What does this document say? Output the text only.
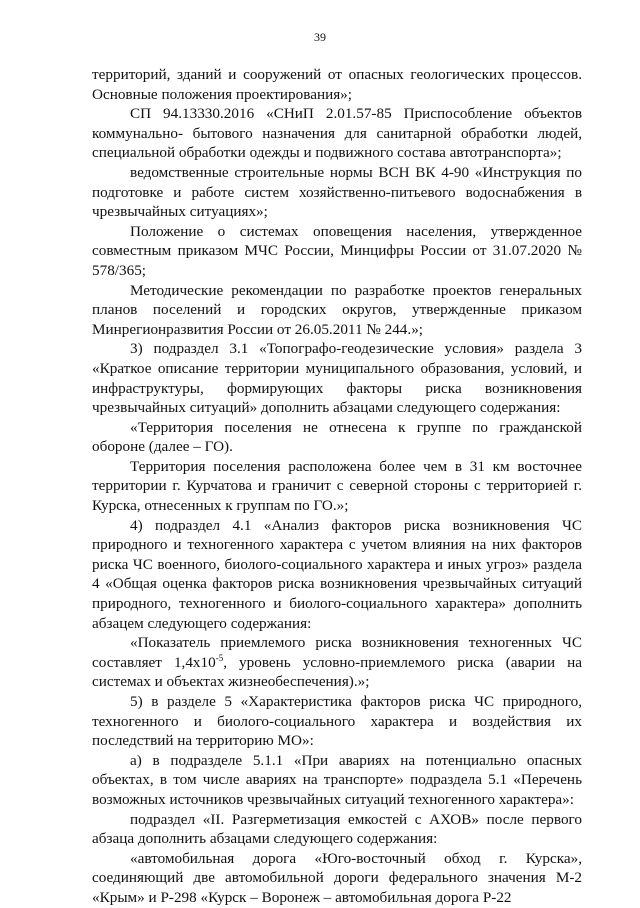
39

территорий, зданий и сооружений от опасных геологических процессов. Основные положения проектирования»;

СП 94.13330.2016 «СНиП 2.01.57-85 Приспособление объектов коммунально- бытового назначения для санитарной обработки людей, специальной обработки одежды и подвижного состава автотранспорта»;

ведомственные строительные нормы ВСН ВК 4-90 «Инструкция по подготовке и работе систем хозяйственно-питьевого водоснабжения в чрезвычайных ситуациях»;

Положение о системах оповещения населения, утвержденное совместным приказом МЧС России, Минцифры России от 31.07.2020 № 578/365;

Методические рекомендации по разработке проектов генеральных планов поселений и городских округов, утвержденные приказом Минрегионразвития России от 26.05.2011 № 244.»;

3) подраздел 3.1 «Топографо-геодезические условия» раздела 3 «Краткое описание территории муниципального образования, условий, и инфраструктуры, формирующих факторы риска возникновения чрезвычайных ситуаций» дополнить абзацами следующего содержания:

«Территория поселения не отнесена к группе по гражданской обороне (далее – ГО).

Территория поселения расположена более чем в 31 км восточнее территории г. Курчатова и граничит с северной стороны с территорией г. Курска, отнесенных к группам по ГО.»;

4) подраздел 4.1 «Анализ факторов риска возникновения ЧС природного и техногенного характера с учетом влияния на них факторов риска ЧС военного, биолого-социального характера и иных угроз» раздела 4 «Общая оценка факторов риска возникновения чрезвычайных ситуаций природного, техногенного и биолого-социального характера» дополнить абзацем следующего содержания:

«Показатель приемлемого риска возникновения техногенных ЧС составляет $1,4х10^{-5}$, уровень условно-приемлемого риска (аварии на системах и объектах жизнеобеспечения).»;

5) в разделе 5 «Характеристика факторов риска ЧС природного, техногенного и биолого-социального характера и воздействия их последствий на территорию МО»:

а) в подразделе 5.1.1 «При авариях на потенциально опасных объектах, в том числе авариях на транспорте» подраздела 5.1 «Перечень возможных источников чрезвычайных ситуаций техногенного характера»:

подраздел «II. Разгерметизация емкостей с АХОВ» после первого абзаца дополнить абзацами следующего содержания:

«автомобильная дорога «Юго-восточный обход г. Курска», соединяющий две автомобильной дороги федерального значения М-2 «Крым» и Р-298 «Курск – Воронеж – автомобильная дорога Р-22
